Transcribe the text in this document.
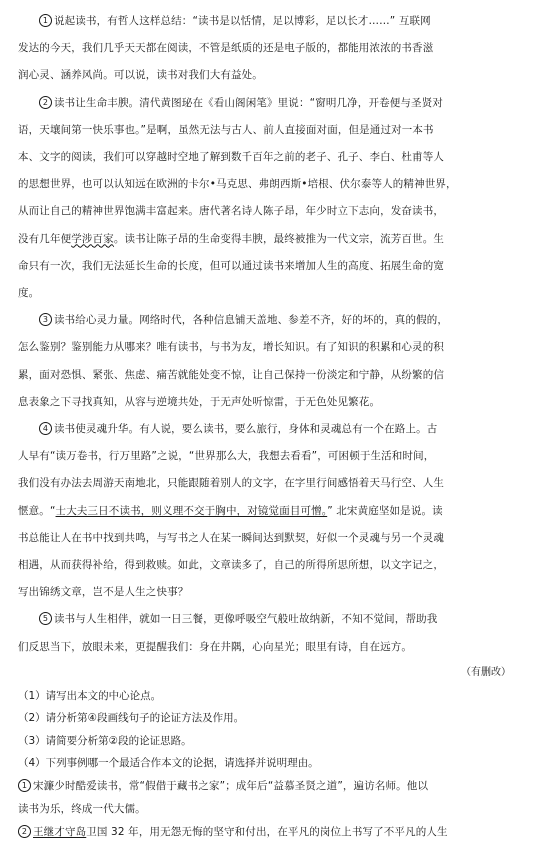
1 说起读书，有哲人这样总结：“读书是以恬情，足以博彩，足以长才……” 互联网
发达的今天，我们几乎天天都在阅读，不管是纸质的还是电子版的，都能用浓浓的书香滋
润心灵、涵养风尚。可以说，读书对我们大有益处。
2 读书让生命丰腴。清代黄图珌在《看山阁闲笔》里说：“窗明几净，开卷便与圣贤对
语，天壤间第一快乐事也。”是啊，虽然无法与古人、前人直接面对面，但是通过对一本书
本、文字的阅读，我们可以穿越时空地了解到数千百年之前的老子、孔子、李白、杜甫等人
的思想世界，也可以认知远在欧洲的卡尔•马克思、弗朗西斯•培根、伏尔泰等人的精神世界，
从而让自己的精神世界饱满丰富起来。唐代著名诗人陈子昂，年少时立下志向，发奋读书，
没有几年便学涉百家。读书让陈子昂的生命变得丰腴，最终被推为一代文宗，流芳百世。生
命只有一次，我们无法延长生命的长度，但可以通过读书来增加人生的高度、拓展生命的宽
度。
3 读书给心灵力量。网络时代，各种信息铺天盖地、参差不齐，好的坏的，真的假的，
怎么鉴别？鉴别能力从哪来？唯有读书，与书为友，增长知识。有了知识的积累和心灵的积
累，面对恐惧、紧张、焦虑、痛苦就能处变不惊，让自己保持一份淡定和宁静，从纷繁的信
息表象之下寻找真知，从容与逆境共处，于无声处听惊雷，于无色处见繁花。
4 读书使灵魂升华。有人说，要么读书，要么旅行，身体和灵魂总有一个在路上。古
人早有“读万卷书，行万里路”之说，“世界那么大，我想去看看”，可困顿于生活和时间，
我们没有办法去周游天南地北，只能跟随着别人的文字，在字里行间感悟着天马行空、人生
惬意。“士大夫三日不读书，则义理不交于胸中，对镜觉面目可憎。” 北宋黄庭坚如是说。读
书总能让人在书中找到共鸣，与写书之人在某一瞬间达到默契，好似一个灵魂与另一个灵魂
相遇，从而获得补给，得到救赎。如此，文章读多了，自己的所得所思所想，以文字记之，
写出锦绣文章，岂不是人生之快事？
5 读书与人生相伴，就如一日三餐，更像呼吸空气般吐故纳新，不知不觉间，帮助我
们反思当下，放眼未来，更提醒我们：身在井隅，心向星光；眼里有诗，自在远方。

（有删改）

（1）请写出本文的中心论点。

（2）请分析第④段画线句子的论证方法及作用。

（3）请简要分析第②段的论证思路。

（4）下列事例哪一个最适合作本文的论据，请选择并说明理由。

1 宋濂少时酷爱读书，常“假借于藏书之家”；成年后“益慕圣贤之道”，遍访名师。他以
读书为乐，终成一代大儒。
2 王继才守岛卫国 32 年，用无怨无悔的坚守和付出，在平凡的岗位上书写了不平凡的人生
